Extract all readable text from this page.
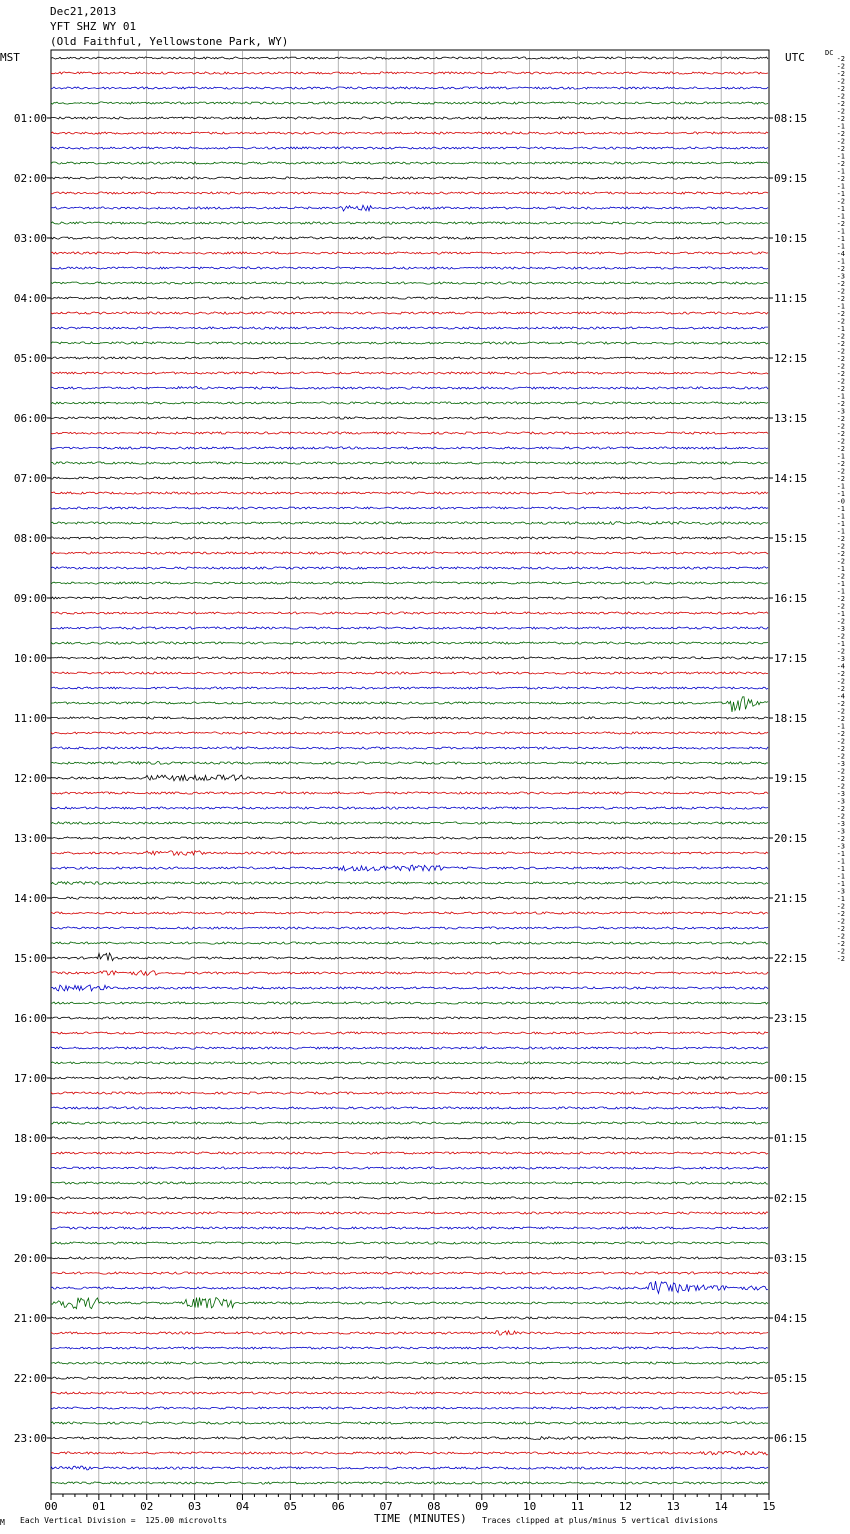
01:00
02:00
03:00
04:00
05:00
06:00
07:00
08:00
09:00
10:00
11:00
12:00
13:00
14:00
15:00
16:00
17:00
18:00
19:00
20:00
21:00
22:00
23:00
08:15
09:15
10:15
11:15
12:15
13:15
14:15
15:15
16:15
17:15
18:15
19:15
20:15
21:15
22:15
23:15
00:15
01:15
02:15
03:15
04:15
05:15
06:15
-2
-2
-2
-2
-2
-2
-2
-2
-2
-1
-2
-2
-2
-1
-2
-1
-2
-1
-1
-2
-1
-1
-2
-1
-1
-1
-4
-1
-2
-3
-2
-2
-2
-1
-2
-2
-1
-2
-2
-2
-2
-2
-2
-2
-2
-1
-2
-3
-2
-2
-2
-2
-2
-1
-2
-2
-2
-1
-1
-0
-1
-1
-1
-1
-2
-2
-2
-2
-1
-2
-1
-1
-2
-2
-1
-2
-3
-2
-1
-2
-3
-4
-2
-2
-2
-4
-2
-2
-2
-1
-2
-2
-2
-2
-3
-2
-2
-2
-3
-3
-2
-2
-3
-3
-2
-3
-1
-1
-1
-1
-1
-3
-1
-2
-2
-2
-2
-2
-2
-2
-2
00	01	02	03	04	05	06	07	08	09	10	11	12	13	14	15
Dec21,2013
YFT SHZ WY 01
(Old Faithful, Yellowstone Park, WY)
MST	UTC	DC
M Each Vertical Division =  125.00 microvolts	TIME (MINUTES) Traces clipped at plus/minus 5 vertical divisions
